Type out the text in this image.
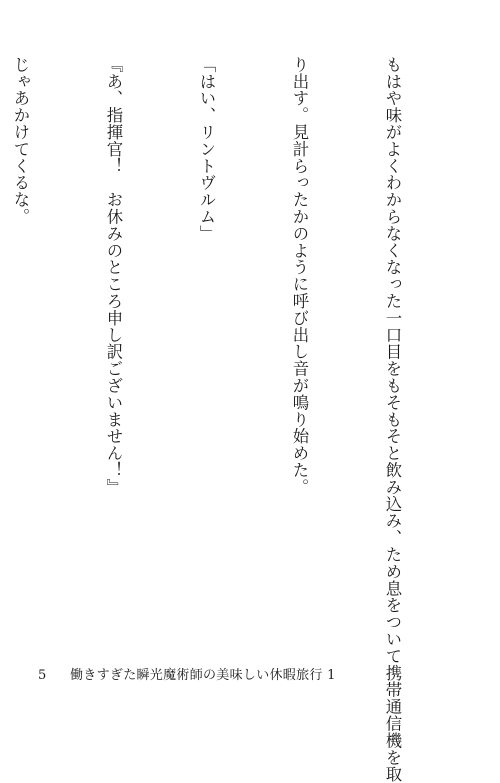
もはや味がよくわからなくなった一口目をもそもそと飲み込み、ため息をついて携帯通信機を取

り出す。見計らったかのように呼び出し音が鳴り始めた。

「はい、リントヴルム」

『あ、指揮官！　お休みのところ申し訳ございません！』

じゃあかけてくるな。

5 働きすぎた瞬光魔術師の美味しい休暇旅行 1
